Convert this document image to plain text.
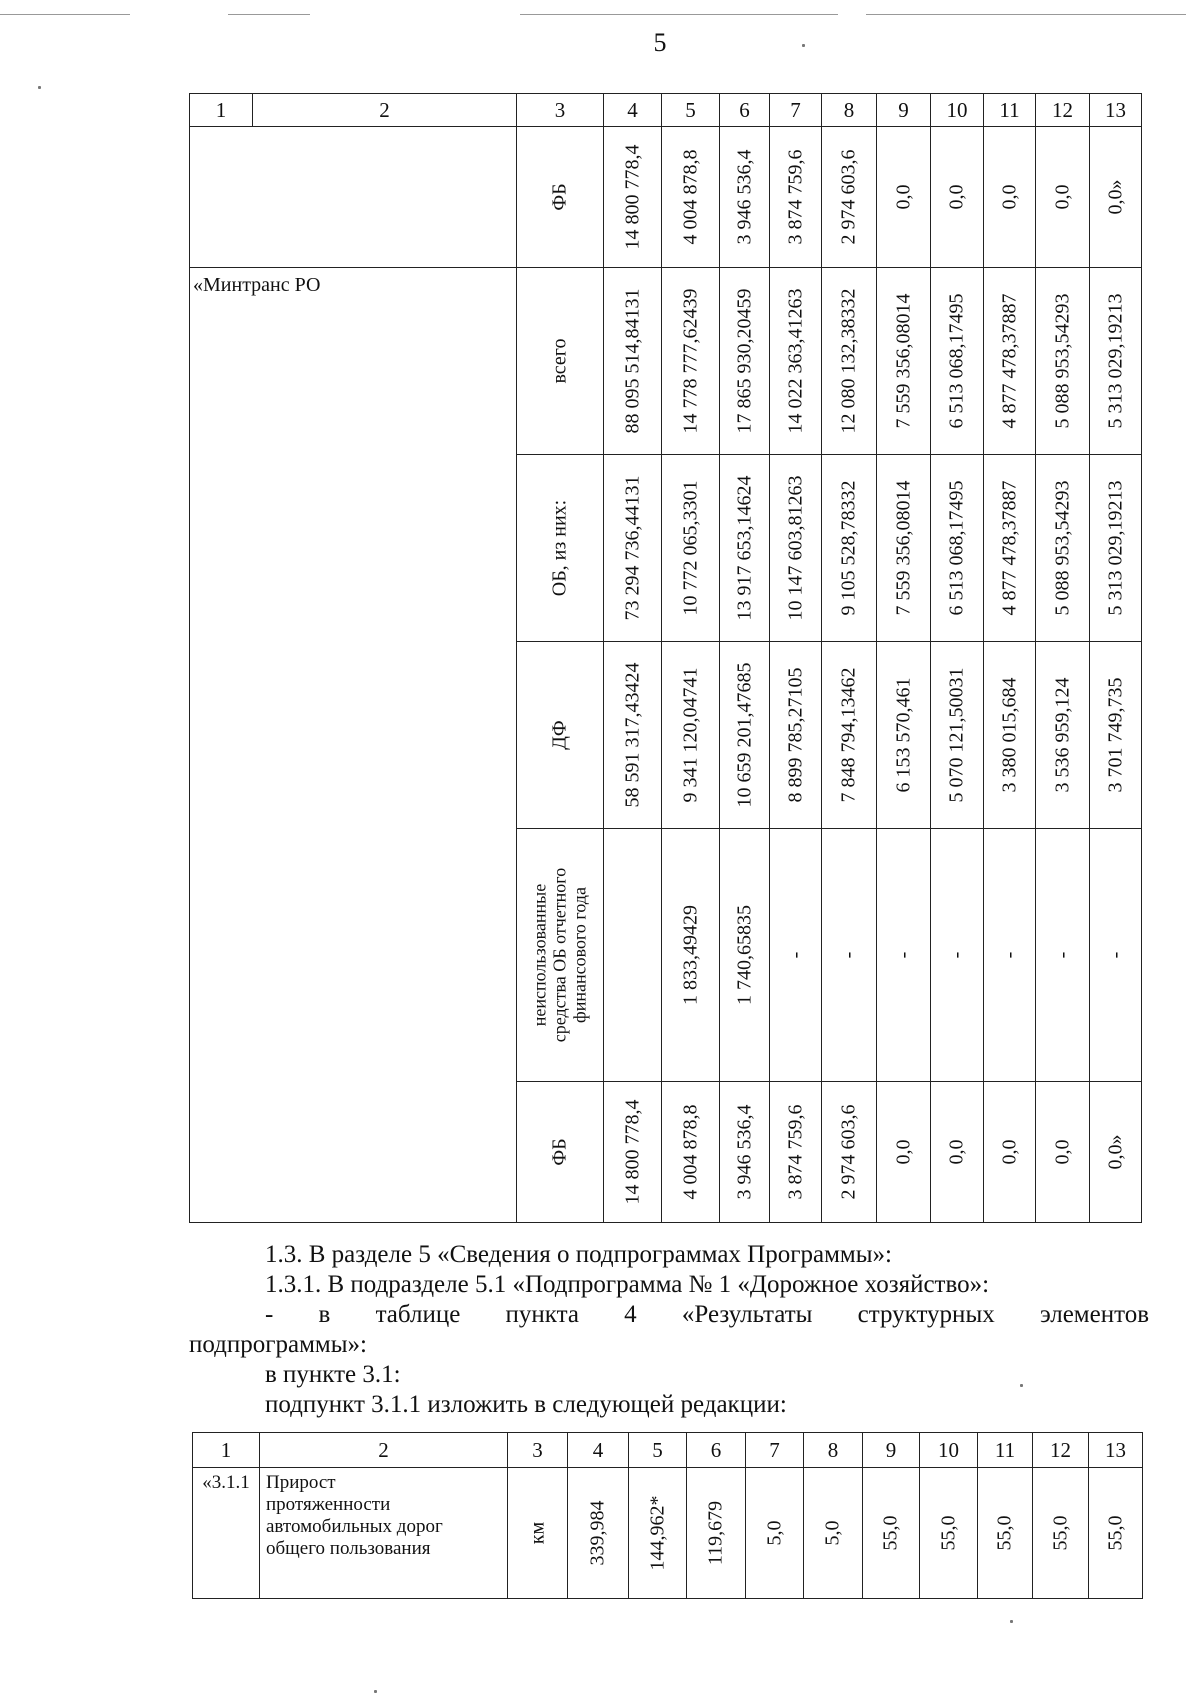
5
1	2	3	4	5	6	7	8	9	10	11	12	13

		ФБ	14 800 778,4	4 004 878,8	3 946 536,4	3 874 759,6	2 974 603,6	0,0	0,0	0,0	0,0	0,0»

«Минтранс РО		всего	88 095 514,84131	14 778 777,62439	17 865 930,20459	14 022 363,41263	12 080 132,38332	7 559 356,08014	6 513 068,17495	4 877 478,37887	5 088 953,54293	5 313 029,19213

		ОБ, из них:	73 294 736,44131	10 772 065,3301	13 917 653,14624	10 147 603,81263	9 105 528,78332	7 559 356,08014	6 513 068,17495	4 877 478,37887	5 088 953,54293	5 313 029,19213

		ДФ	58 591 317,43424	9 341 120,04741	10 659 201,47685	8 899 785,27105	7 848 794,13462	6 153 570,461	5 070 121,50031	3 380 015,684	3 536 959,124	3 701 749,735

		неиспользованные средства ОБ отчетного финансового года		1 833,49429	1 740,65835	-	-	-	-	-	-	-

		ФБ	14 800 778,4	4 004 878,8	3 946 536,4	3 874 759,6	2 974 603,6	0,0	0,0	0,0	0,0	0,0»

1.3. В разделе 5 «Сведения о подпрограммах Программы»:

1.3.1. В подразделе 5.1 «Подпрограмма № 1 «Дорожное хозяйство»:

- в таблице пункта 4 «Результаты структурных элементов

подпрограммы»:

в пункте 3.1:

подпункт 3.1.1 изложить в следующей редакции:

1	2	3	4	5	6	7	8	9	10	11	12	13
«3.1.1	Прирост
протяженности
автомобильных дорог
общего пользования	км	339,984	144,962*	119,679	5,0	5,0	55,0	55,0	55,0	55,0	55,0
